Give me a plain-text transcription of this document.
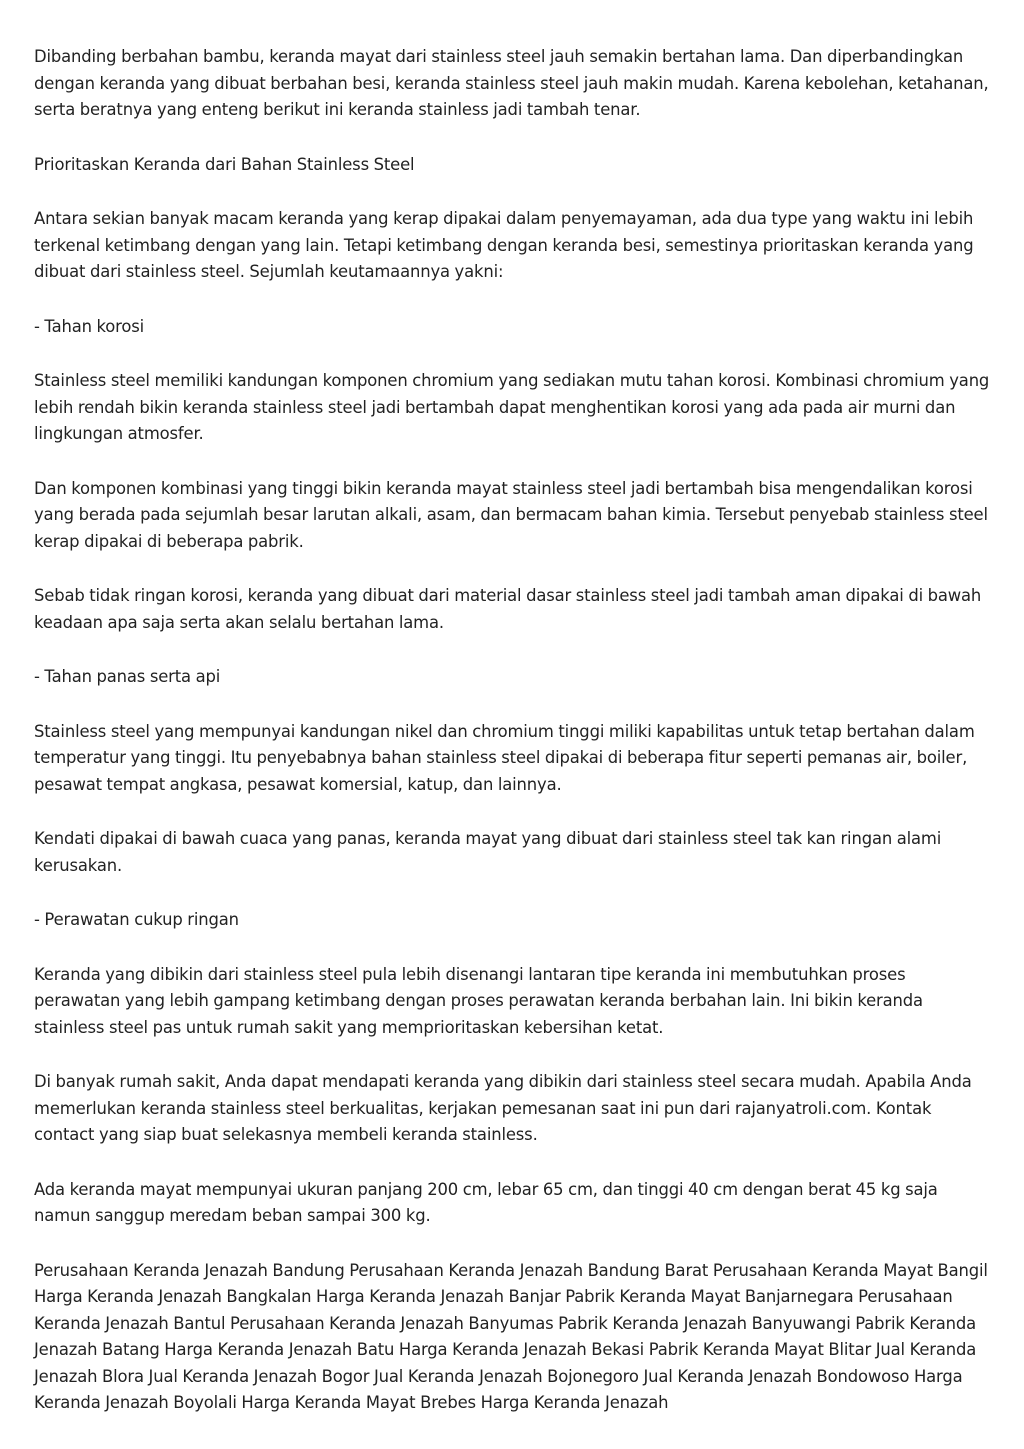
Dibanding berbahan bambu, keranda mayat dari stainless steel jauh semakin bertahan lama. Dan diperbandingkan dengan keranda yang dibuat berbahan besi, keranda stainless steel jauh makin mudah. Karena kebolehan, ketahanan, serta beratnya yang enteng berikut ini keranda stainless jadi tambah tenar.

Prioritaskan Keranda dari Bahan Stainless Steel

Antara sekian banyak macam keranda yang kerap dipakai dalam penyemayaman, ada dua type yang waktu ini lebih terkenal ketimbang dengan yang lain. Tetapi ketimbang dengan keranda besi, semestinya prioritaskan keranda yang dibuat dari stainless steel. Sejumlah keutamaannya yakni:

- Tahan korosi

Stainless steel memiliki kandungan komponen chromium yang sediakan mutu tahan korosi. Kombinasi chromium yang lebih rendah bikin keranda stainless steel jadi bertambah dapat menghentikan korosi yang ada pada air murni dan lingkungan atmosfer.

Dan komponen kombinasi yang tinggi bikin keranda mayat stainless steel jadi bertambah bisa mengendalikan korosi yang berada pada sejumlah besar larutan alkali, asam, dan bermacam bahan kimia. Tersebut penyebab stainless steel kerap dipakai di beberapa pabrik.

Sebab tidak ringan korosi, keranda yang dibuat dari material dasar stainless steel jadi tambah aman dipakai di bawah keadaan apa saja serta akan selalu bertahan lama.

- Tahan panas serta api

Stainless steel yang mempunyai kandungan nikel dan chromium tinggi miliki kapabilitas untuk tetap bertahan dalam temperatur yang tinggi. Itu penyebabnya bahan stainless steel dipakai di beberapa fitur seperti pemanas air, boiler, pesawat tempat angkasa, pesawat komersial, katup, dan lainnya.

Kendati dipakai di bawah cuaca yang panas, keranda mayat yang dibuat dari stainless steel tak kan ringan alami kerusakan.

- Perawatan cukup ringan

Keranda yang dibikin dari stainless steel pula lebih disenangi lantaran tipe keranda ini membutuhkan proses perawatan yang lebih gampang ketimbang dengan proses perawatan keranda berbahan lain. Ini bikin keranda stainless steel pas untuk rumah sakit yang memprioritaskan kebersihan ketat.

Di banyak rumah sakit, Anda dapat mendapati keranda yang dibikin dari stainless steel secara mudah. Apabila Anda memerlukan keranda stainless steel berkualitas, kerjakan pemesanan saat ini pun dari rajanyatroli.com. Kontak contact yang siap buat selekasnya membeli keranda stainless.

Ada keranda mayat mempunyai ukuran panjang 200 cm, lebar 65 cm, dan tinggi 40 cm dengan berat 45 kg saja namun sanggup meredam beban sampai 300 kg.

Perusahaan Keranda Jenazah Bandung Perusahaan Keranda Jenazah Bandung Barat Perusahaan Keranda Mayat Bangil Harga Keranda Jenazah Bangkalan Harga Keranda Jenazah Banjar Pabrik Keranda Mayat Banjarnegara Perusahaan Keranda Jenazah Bantul Perusahaan Keranda Jenazah Banyumas Pabrik Keranda Jenazah Banyuwangi Pabrik Keranda Jenazah Batang Harga Keranda Jenazah Batu Harga Keranda Jenazah Bekasi Pabrik Keranda Mayat Blitar Jual Keranda Jenazah Blora Jual Keranda Jenazah Bogor Jual Keranda Jenazah Bojonegoro Jual Keranda Jenazah Bondowoso Harga Keranda Jenazah Boyolali Harga Keranda Mayat Brebes Harga Keranda Jenazah
